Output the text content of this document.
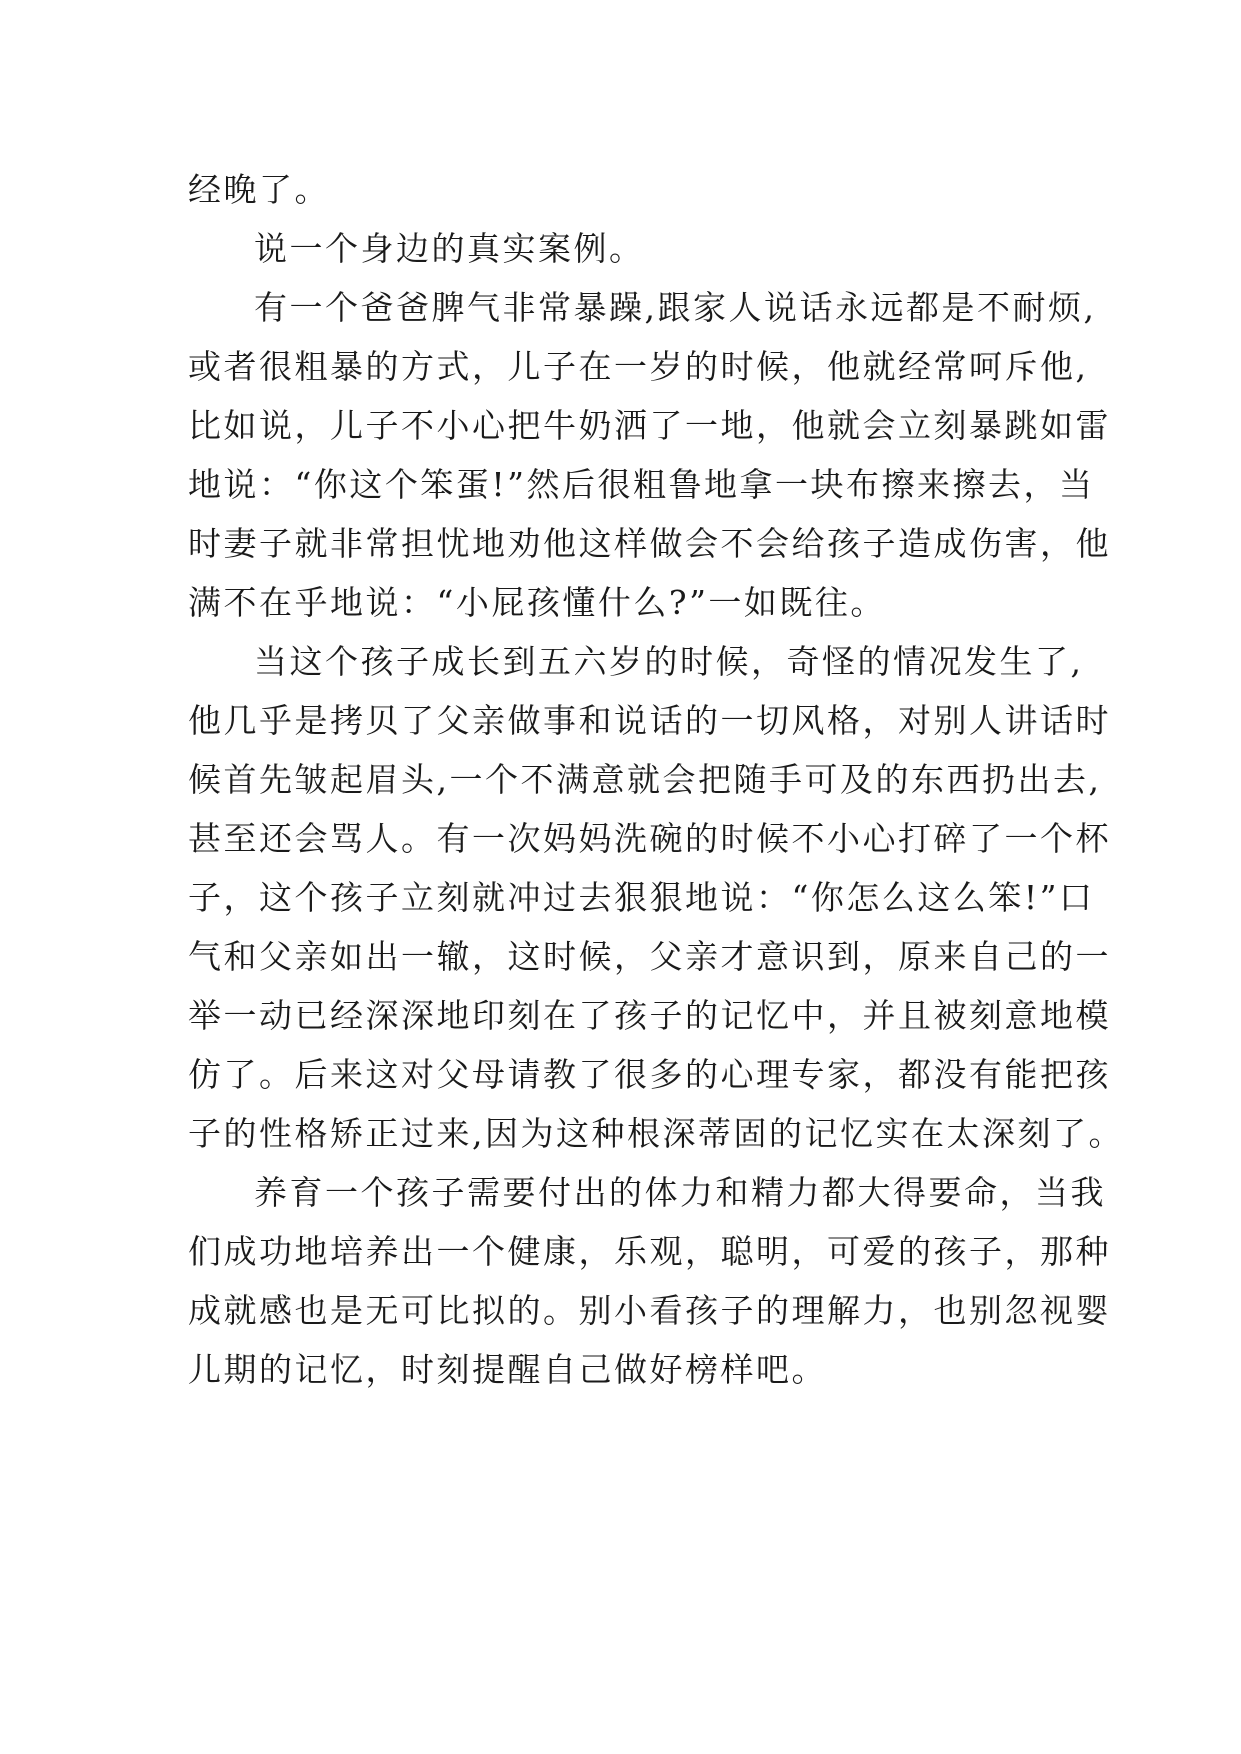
经晚了。
说一个身边的真实案例。
有一个爸爸脾气非常暴躁,跟家人说话永远都是不耐烦,
或者很粗暴的方式，儿子在一岁的时候，他就经常呵斥他,
比如说，儿子不小心把牛奶洒了一地，他就会立刻暴跳如雷
地说：“你这个笨蛋!”然后很粗鲁地拿一块布擦来擦去，当
时妻子就非常担忧地劝他这样做会不会给孩子造成伤害，他
满不在乎地说：“小屁孩懂什么?”一如既往。
当这个孩子成长到五六岁的时候，奇怪的情况发生了,
他几乎是拷贝了父亲做事和说话的一切风格，对别人讲话时
候首先皱起眉头,一个不满意就会把随手可及的东西扔出去,
甚至还会骂人。有一次妈妈洗碗的时候不小心打碎了一个杯
子，这个孩子立刻就冲过去狠狠地说：“你怎么这么笨!”口
气和父亲如出一辙，这时候，父亲才意识到，原来自己的一
举一动已经深深地印刻在了孩子的记忆中，并且被刻意地模
仿了。后来这对父母请教了很多的心理专家，都没有能把孩
子的性格矫正过来,因为这种根深蒂固的记忆实在太深刻了。
养育一个孩子需要付出的体力和精力都大得要命，当我
们成功地培养出一个健康，乐观，聪明，可爱的孩子，那种
成就感也是无可比拟的。别小看孩子的理解力，也别忽视婴
儿期的记忆，时刻提醒自己做好榜样吧。
